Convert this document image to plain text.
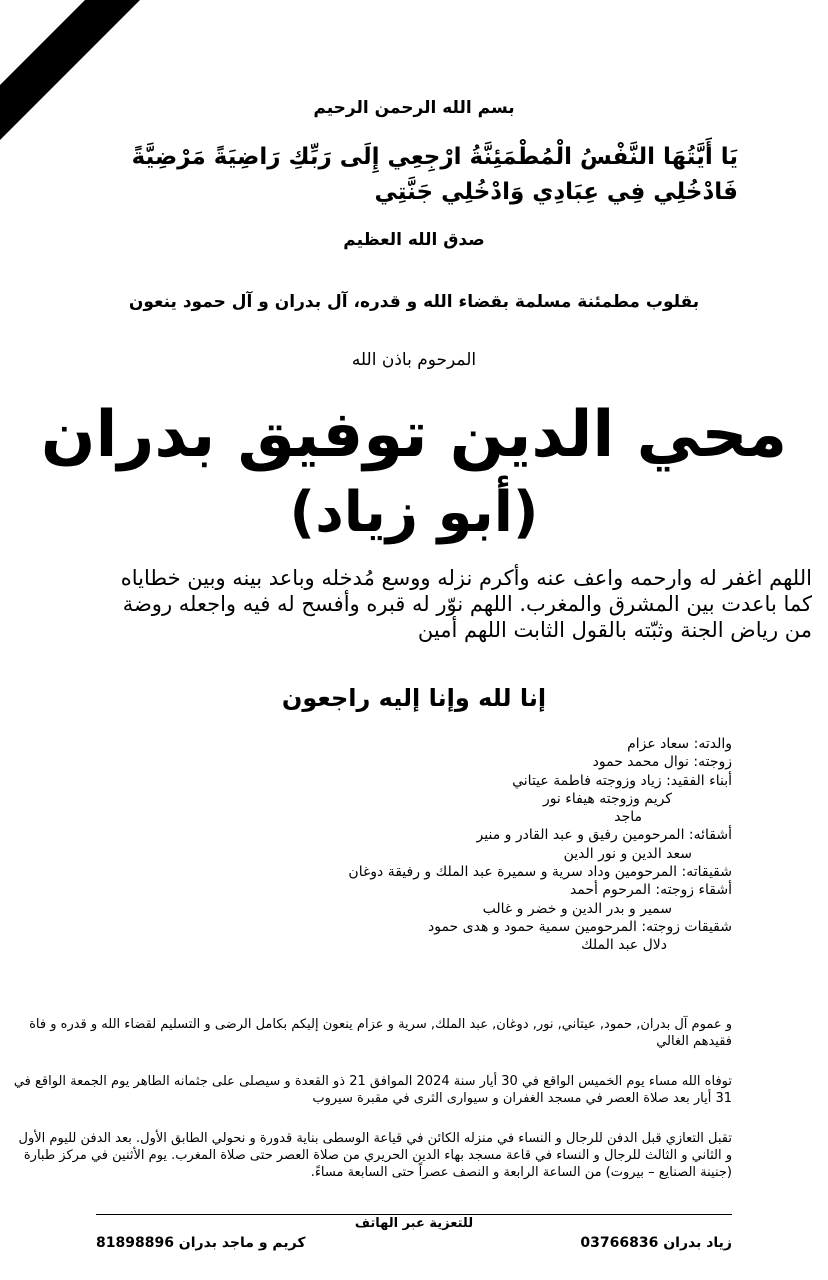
بسم الله الرحمن الرحيم
يَا أَيَّتُهَا النَّفْسُ الْمُطْمَئِنَّةُ ارْجِعِي إِلَى رَبِّكِ رَاضِيَةً مَرْضِيَّةً فَادْخُلِي فِي عِبَادِي وَادْخُلِي جَنَّتِي
صدق الله العظيم
بقلوب مطمئنة مسلمة بقضاء الله و قدره، آل بدران و آل حمود ينعون
المرحوم باذن الله
محي الدين توفيق بدران
(أبو زياد)
اللهم اغفر له وارحمه واعف عنه وأكرم نزله ووسع مُدخله وباعد بينه وبين خطاياه كما باعدت بين المشرق والمغرب. اللهم نوّر له قبره وأفسح له فيه واجعله روضة من رياض الجنة وثبّته بالقول الثابت اللهم أمين
إنا لله وإنا إليه راجعون
والدته: سعاد عزام
زوجته: نوال محمد حمود
أبناء الفقيد: زياد وزوجته فاطمة عيتاني
كريم وزوجته هيفاء نور
ماجد
أشقائه: المرحومين رفيق و عبد القادر و منير
سعد الدين و نور الدين
شقيقاته: المرحومين وداد سرية و سميرة عبد الملك و رفيقة دوغان
أشقاء زوجته: المرحوم أحمد
سمير و بدر الدين و خضر و غالب
شقيقات زوجته: المرحومين سمية حمود و هدى حمود
دلال عبد الملك
و عموم آل بدران, حمود, عيتاني, نور, دوغان, عبد الملك, سرية و عزام ينعون إليكم بكامل الرضى و التسليم لقضاء الله و قدره و فاة فقيدهم الغالي
توفاه الله مساء يوم الخميس الواقع في 30 أيار سنة 2024 الموافق 21 ذو القعدة و سيصلى على جثمانه الطاهر يوم الجمعة الواقع في 31 أيار بعد صلاة العصر في مسجد الغفران و سيوارى الثرى في مقبرة سيروب
تقبل التعازي قبل الدفن للرجال و النساء في منزله الكائن في قياعة الوسطى بناية قدورة و نحولي الطابق الأول. بعد الدفن لليوم الأول و الثاني و الثالث للرجال و النساء في قاعة مسجد بهاء الدين الحريري من صلاة العصر حتى صلاة المغرب. يوم الأثنين في مركز طبارة (جنينة الصنايع – بيروت) من الساعة الرابعة و النصف عصراً حتى السابعة مساءً.
للتعزية عبر الهاتف
زياد بدران 03766836
كريم و ماجد بدران 81898896
